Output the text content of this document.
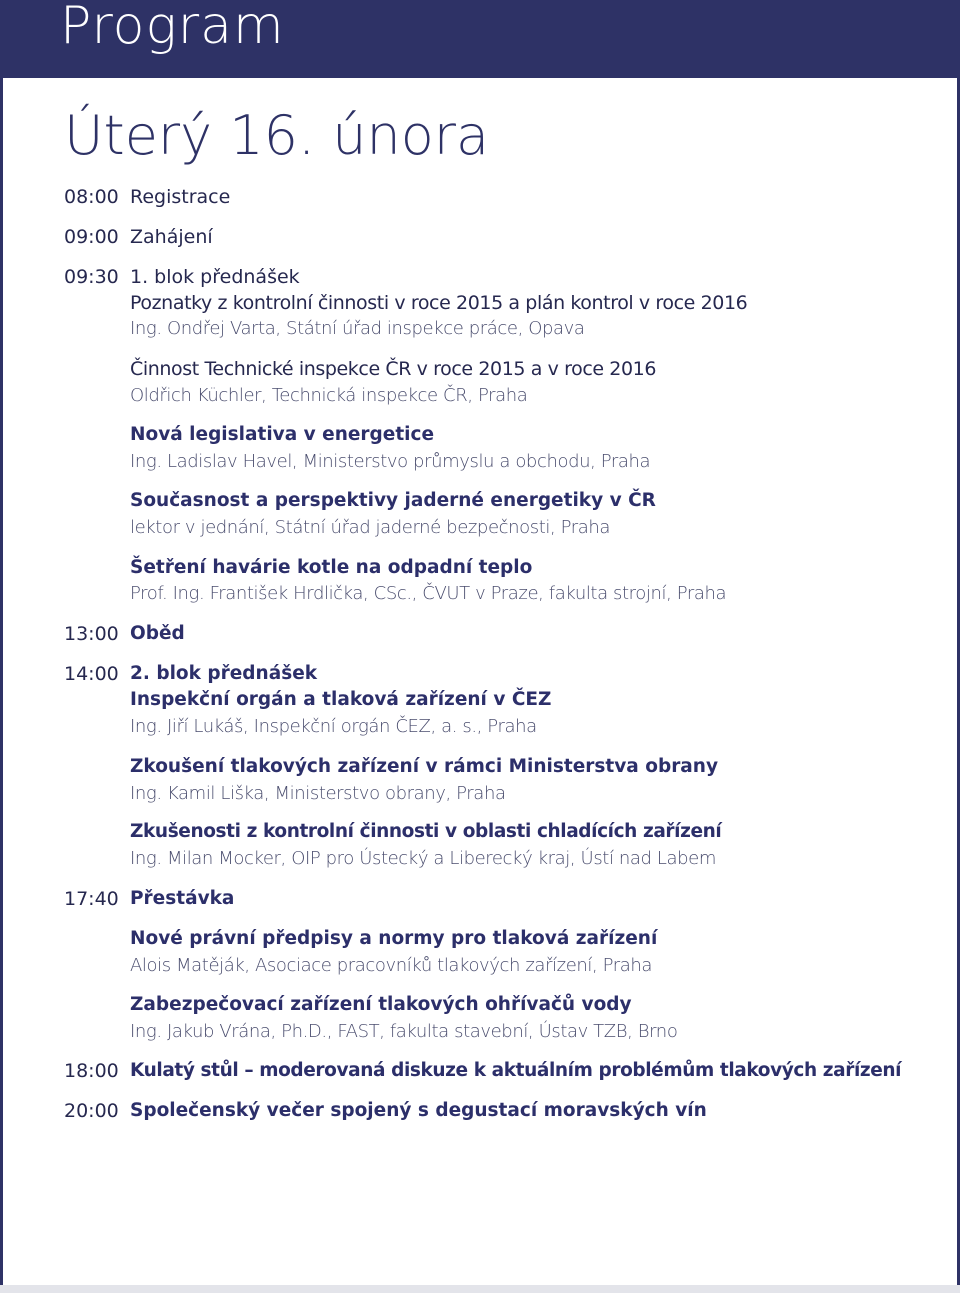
Program
Úterý 16. února
08:00 Registrace
09:00 Zahájení
09:30 1. blok přednášek
Poznatky z kontrolní činnosti v roce 2015 a plán kontrol v roce 2016
Ing. Ondřej Varta, Státní úřad inspekce práce, Opava
Činnost Technické inspekce ČR v roce 2015 a v roce 2016
Oldřich Küchler, Technická inspekce ČR, Praha
Nová legislativa v energetice
Ing. Ladislav Havel, Ministerstvo průmyslu a obchodu, Praha
Současnost a perspektivy jaderné energetiky v ČR
lektor v jednání, Státní úřad jaderné bezpečnosti, Praha
Šetření havárie kotle na odpadní teplo
Prof. Ing. František Hrdlička, CSc., ČVUT v Praze, fakulta strojní, Praha
13:00 Oběd
14:00 2. blok přednášek
Inspekční orgán a tlaková zařízení v ČEZ
Ing. Jiří Lukáš, Inspekční orgán ČEZ, a. s., Praha
Zkoušení tlakových zařízení v rámci Ministerstva obrany
Ing. Kamil Liška, Ministerstvo obrany, Praha
Zkušenosti z kontrolní činnosti v oblasti chladících zařízení
Ing. Milan Mocker, OIP pro Ústecký a Liberecký kraj, Ústí nad Labem
17:40 Přestávka
Nové právní předpisy a normy pro tlaková zařízení
Alois Matěják, Asociace pracovníků tlakových zařízení, Praha
Zabezpečovací zařízení tlakových ohřívačů vody
Ing. Jakub Vrána, Ph.D., FAST, fakulta stavební, Ústav TZB, Brno
18:00 Kulatý stůl – moderovaná diskuze k aktuálním problémům tlakových zařízení
20:00 Společenský večer spojený s degustací moravských vín
